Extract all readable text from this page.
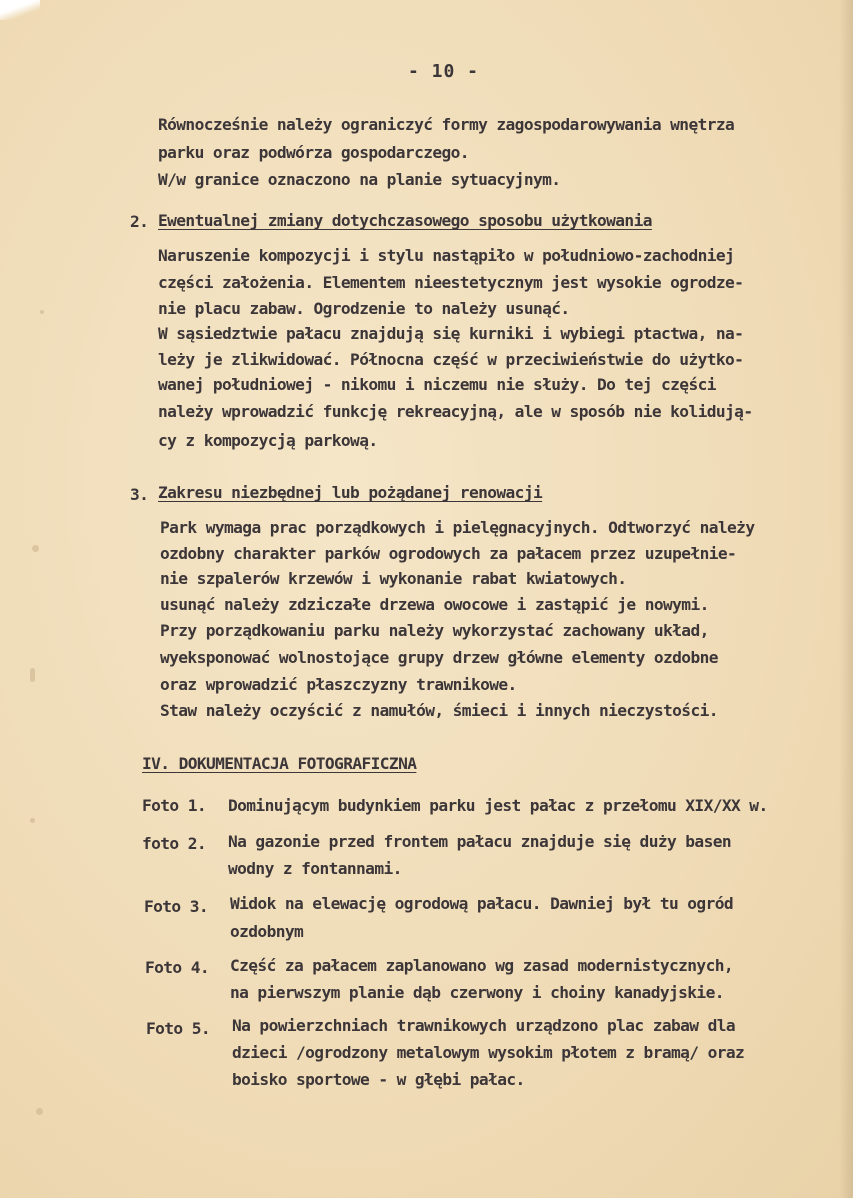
- 10 -
Równocześnie należy ograniczyć formy zagospodarowywania wnętrza
parku oraz podwórza gospodarczego.
W/w granice oznaczono na planie sytuacyjnym.
2. Ewentualnej zmiany dotychczasowego sposobu użytkowania
Naruszenie kompozycji i stylu nastąpiło w południowo-zachodniej
części założenia. Elementem nieestetycznym jest wysokie ogrodze-
nie placu zabaw. Ogrodzenie to należy usunąć.
W sąsiedztwie pałacu znajdują się kurniki i wybiegi ptactwa, na-
leży je zlikwidować. Północna część w przeciwieństwie do użytko-
wanej południowej - nikomu i niczemu nie służy. Do tej części
należy wprowadzić funkcję rekreacyjną, ale w sposób nie kolidują-
cy z kompozycją parkową.
3. Zakresu niezbędnej lub pożądanej renowacji
Park wymaga prac porządkowych i pielęgnacyjnych. Odtworzyć należy
ozdobny charakter parków ogrodowych za pałacem przez uzupełnie-
nie szpalerów krzewów i wykonanie rabat kwiatowych.
usunąć należy zdziczałe drzewa owocowe i zastąpić je nowymi.
Przy porządkowaniu parku należy wykorzystać zachowany układ,
wyeksponować wolnostojące grupy drzew główne elementy ozdobne
oraz wprowadzić płaszczyzny trawnikowe.
Staw należy oczyścić z namułów, śmieci i innych nieczystości.
IV. DOKUMENTACJA FOTOGRAFICZNA
Foto 1. Dominującym budynkiem parku jest pałac z przełomu XIX/XX w.
foto 2. Na gazonie przed frontem pałacu znajduje się duży basen
wodny z fontannami.
Foto 3. Widok na elewację ogrodową pałacu. Dawniej był tu ogród
ozdobnym
Foto 4. Część za pałacem zaplanowano wg zasad modernistycznych,
na pierwszym planie dąb czerwony i choiny kanadyjskie.
Foto 5. Na powierzchniach trawnikowych urządzono plac zabaw dla
dzieci /ogrodzony metalowym wysokim płotem z bramą/ oraz
boisko sportowe - w głębi pałac.
